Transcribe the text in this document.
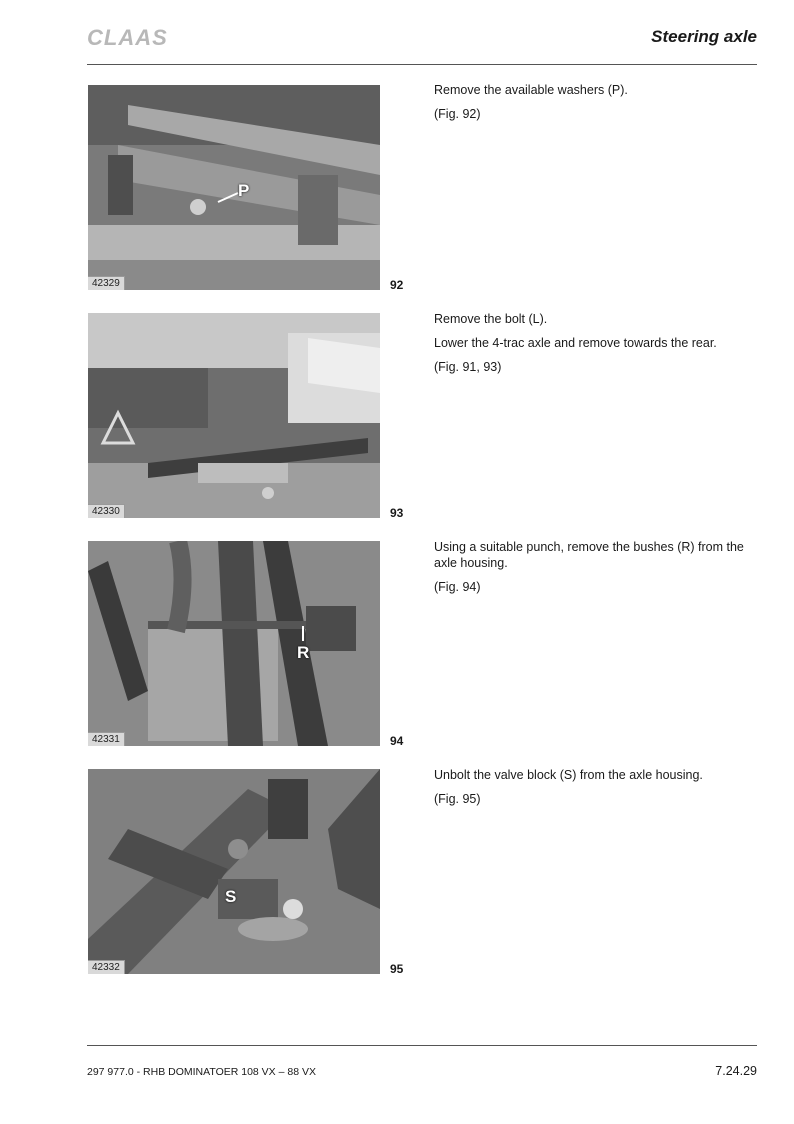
CLAAS	Steering axle
P
42329	92
42330	93
R
42331	94
S
42332	95

Remove the available washers (P).

(Fig. 92)

Remove the bolt (L).

Lower the 4-trac axle and remove towards the rear.

(Fig. 91, 93)

Using a suitable punch, remove the bushes (R) from the axle housing.

(Fig. 94)

Unbolt the valve block (S) from the axle housing.

(Fig. 95)

297 977.0 - RHB DOMINATOER 108 VX – 88 VX	7.24.29
